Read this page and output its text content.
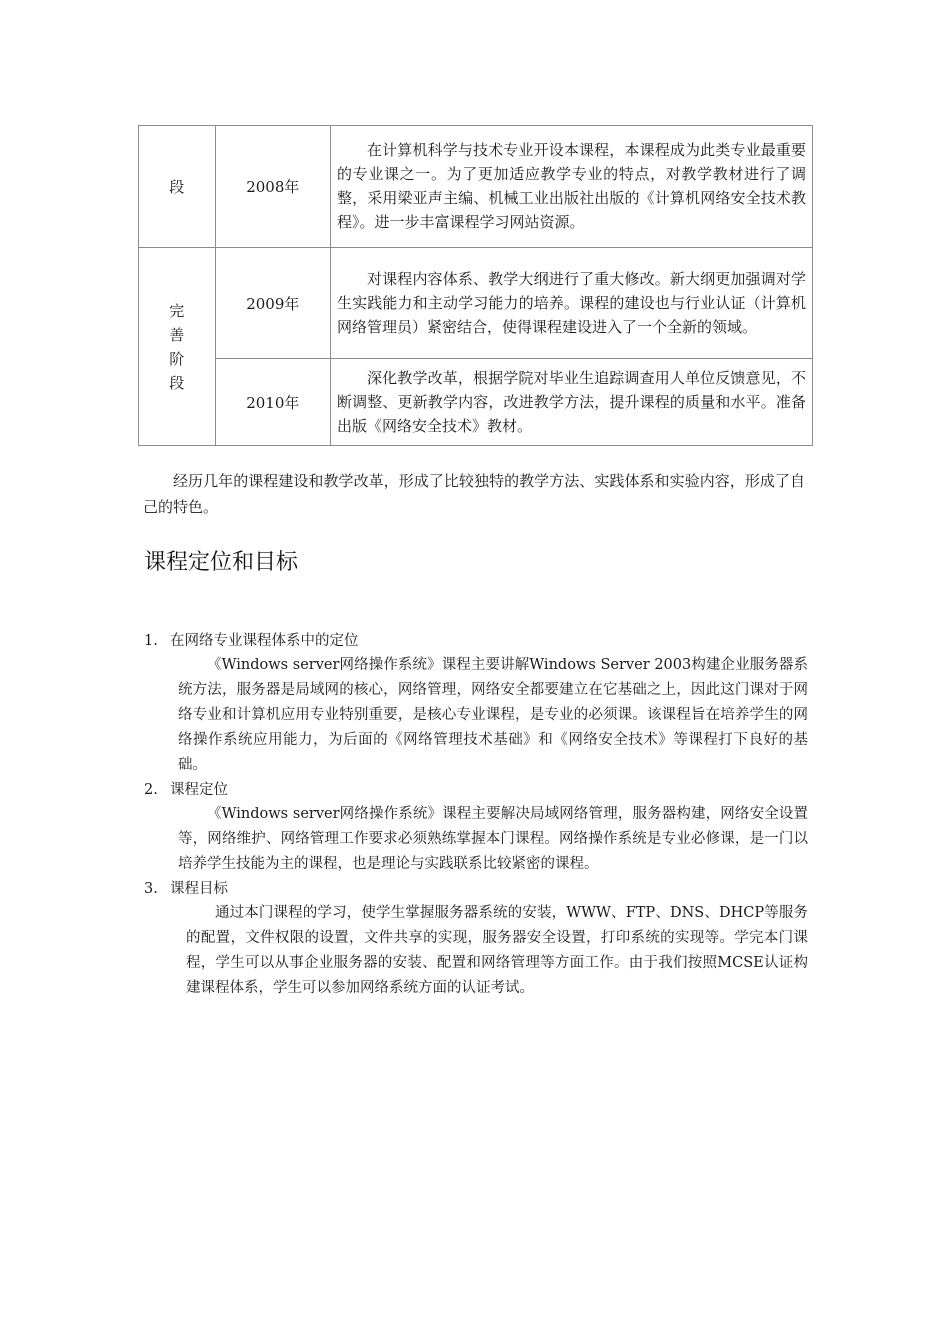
段	2008年	在计算机科学与技术专业开设本课程，本课程成为此类专业最重要的专业课之一。为了更加适应教学专业的特点，对教学教材进行了调整，采用梁亚声主编、机械工业出版社出版的《计算机网络安全技术教程》。进一步丰富课程学习网站资源。

完善阶段	2009年	对课程内容体系、教学大纲进行了重大修改。新大纲更加强调对学生实践能力和主动学习能力的培养。课程的建设也与行业认证（计算机网络管理员）紧密结合，使得课程建设进入了一个全新的领域。

	2010年	深化教学改革，根据学院对毕业生追踪调查用人单位反馈意见，不断调整、更新教学内容，改进教学方法，提升课程的质量和水平。准备出版《网络安全技术》教材。

经历几年的课程建设和教学改革，形成了比较独特的教学方法、实践体系和实验内容，形成了自己的特色。

课程定位和目标
1. 在网络专业课程体系中的定位

《Windows server网络操作系统》课程主要讲解Windows Server 2003构建企业服务器系统方法，服务器是局域网的核心，网络管理，网络安全都要建立在它基础之上，因此这门课对于网络专业和计算机应用专业特别重要，是核心专业课程，是专业的必须课。该课程旨在培养学生的网络操作系统应用能力，为后面的《网络管理技术基础》和《网络安全技术》等课程打下良好的基础。

2. 课程定位

《Windows server网络操作系统》课程主要解决局域网络管理，服务器构建，网络安全设置等，网络维护、网络管理工作要求必须熟练掌握本门课程。网络操作系统是专业必修课，是一门以培养学生技能为主的课程，也是理论与实践联系比较紧密的课程。

3. 课程目标

通过本门课程的学习，使学生掌握服务器系统的安装，WWW、FTP、DNS、DHCP等服务的配置，文件权限的设置，文件共享的实现，服务器安全设置，打印系统的实现等。学完本门课程，学生可以从事企业服务器的安装、配置和网络管理等方面工作。由于我们按照MCSE认证构建课程体系，学生可以参加网络系统方面的认证考试。
